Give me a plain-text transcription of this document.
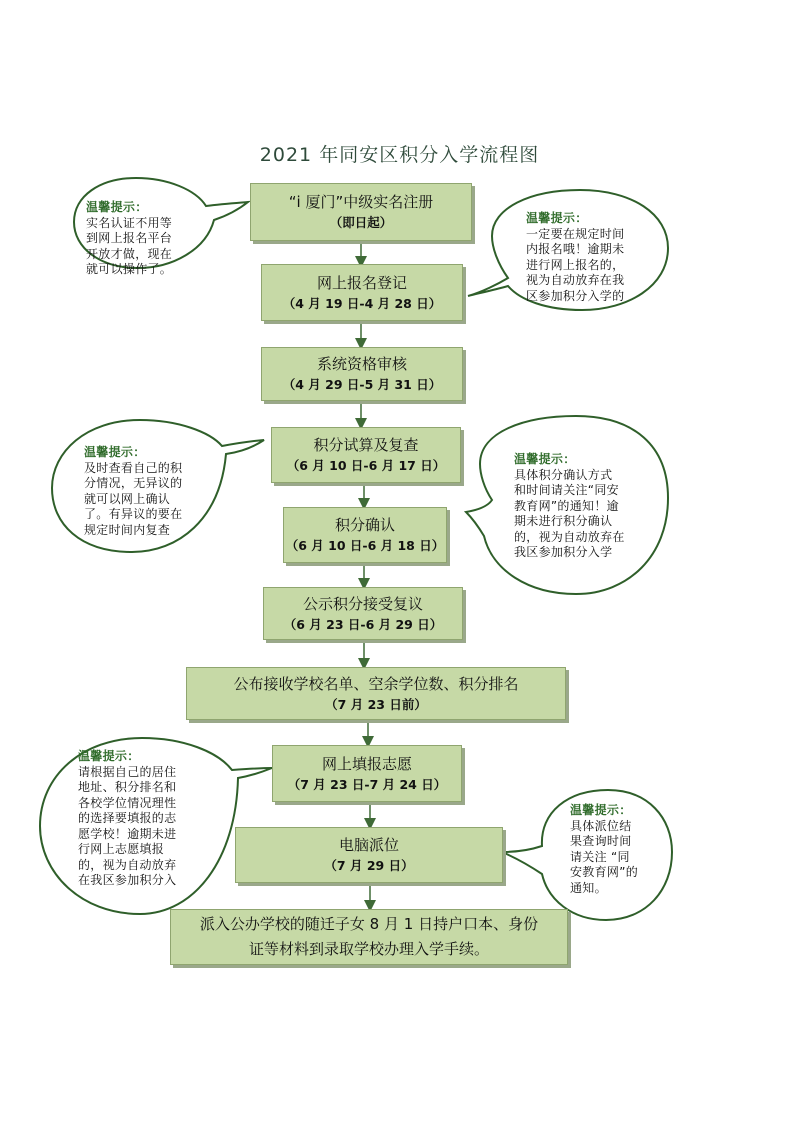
2021 年同安区积分入学流程图
“i 厦门”中级实名注册
（即日起）
网上报名登记
（4 月 19 日-4 月 28 日）
系统资格审核
（4 月 29 日-5 月 31 日）
积分试算及复查
（6 月 10 日-6 月 17 日）
积分确认
（6 月 10 日-6 月 18 日）
公示积分接受复议
（6 月 23 日-6 月 29 日）
公布接收学校名单、空余学位数、积分排名
（7 月 23 日前）
网上填报志愿
（7 月 23 日-7 月 24 日）
电脑派位
（7 月 29 日）
派入公办学校的随迁子女 8 月 1 日持户口本、身份
证等材料到录取学校办理入学手续。
温馨提示：
实名认证不用等
到网上报名平台
开放才做，现在
就可以操作了。
温馨提示：
一定要在规定时间
内报名哦！逾期未
进行网上报名的，
视为自动放弃在我
区参加积分入学的
温馨提示：
及时查看自己的积
分情况，无异议的
就可以网上确认
了。有异议的要在
规定时间内复查
温馨提示：
具体积分确认方式
和时间请关注“同安
教育网”的通知！逾
期未进行积分确认
的，视为自动放弃在
我区参加积分入学
温馨提示：
请根据自己的居住
地址、积分排名和
各校学位情况理性
的选择要填报的志
愿学校！逾期未进
行网上志愿填报
的，视为自动放弃
在我区参加积分入
温馨提示：
具体派位结
果查询时间
请关注 “同
安教育网”的
通知。
